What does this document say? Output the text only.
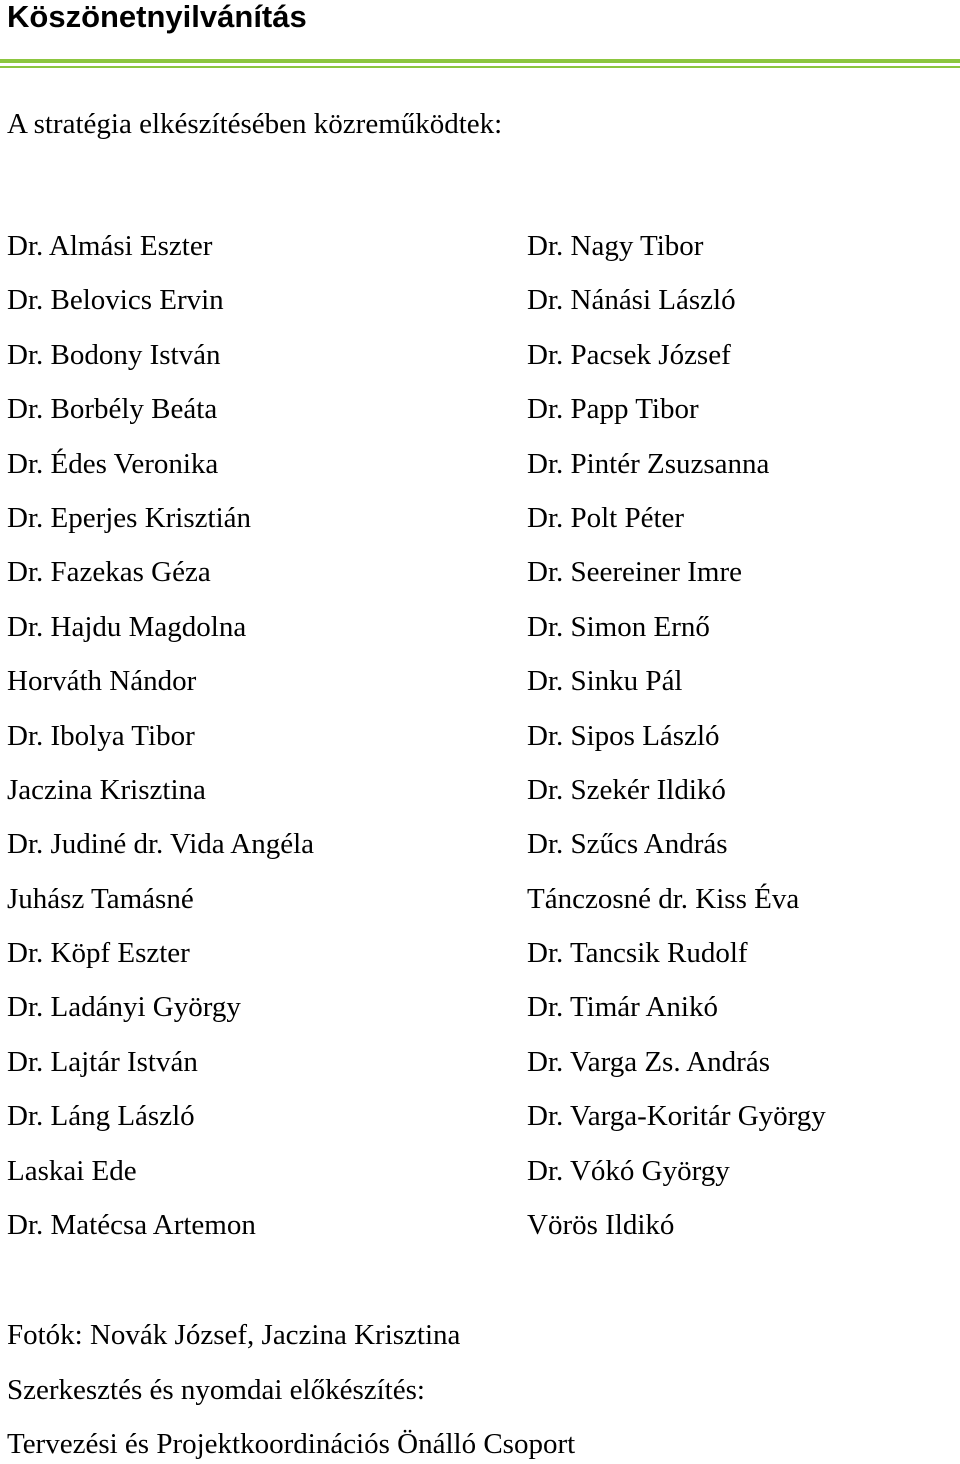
Köszönetnyilvánítás
A stratégia elkészítésében közreműködtek:
Dr. Almási Eszter
Dr. Belovics Ervin
Dr. Bodony István
Dr. Borbély Beáta
Dr. Édes Veronika
Dr. Eperjes Krisztián
Dr. Fazekas Géza
Dr. Hajdu Magdolna
Horváth Nándor
Dr. Ibolya Tibor
Jaczina Krisztina
Dr. Judiné dr. Vida Angéla
Juhász Tamásné
Dr. Köpf Eszter
Dr. Ladányi György
Dr. Lajtár István
Dr. Láng László
Laskai Ede
Dr. Matécsa Artemon
Dr. Nagy Tibor
Dr. Nánási László
Dr. Pacsek József
Dr. Papp Tibor
Dr. Pintér Zsuzsanna
Dr. Polt Péter
Dr. Seereiner Imre
Dr. Simon Ernő
Dr. Sinku Pál
Dr. Sipos László
Dr. Szekér Ildikó
Dr. Szűcs András
Tánczosné dr. Kiss Éva
Dr. Tancsik Rudolf
Dr. Timár Anikó
Dr. Varga Zs. András
Dr. Varga-Koritár György
Dr. Vókó György
Vörös Ildikó
Fotók: Novák József, Jaczina Krisztina
Szerkesztés és nyomdai előkészítés:
Tervezési és Projektkoordinációs Önálló Csoport
